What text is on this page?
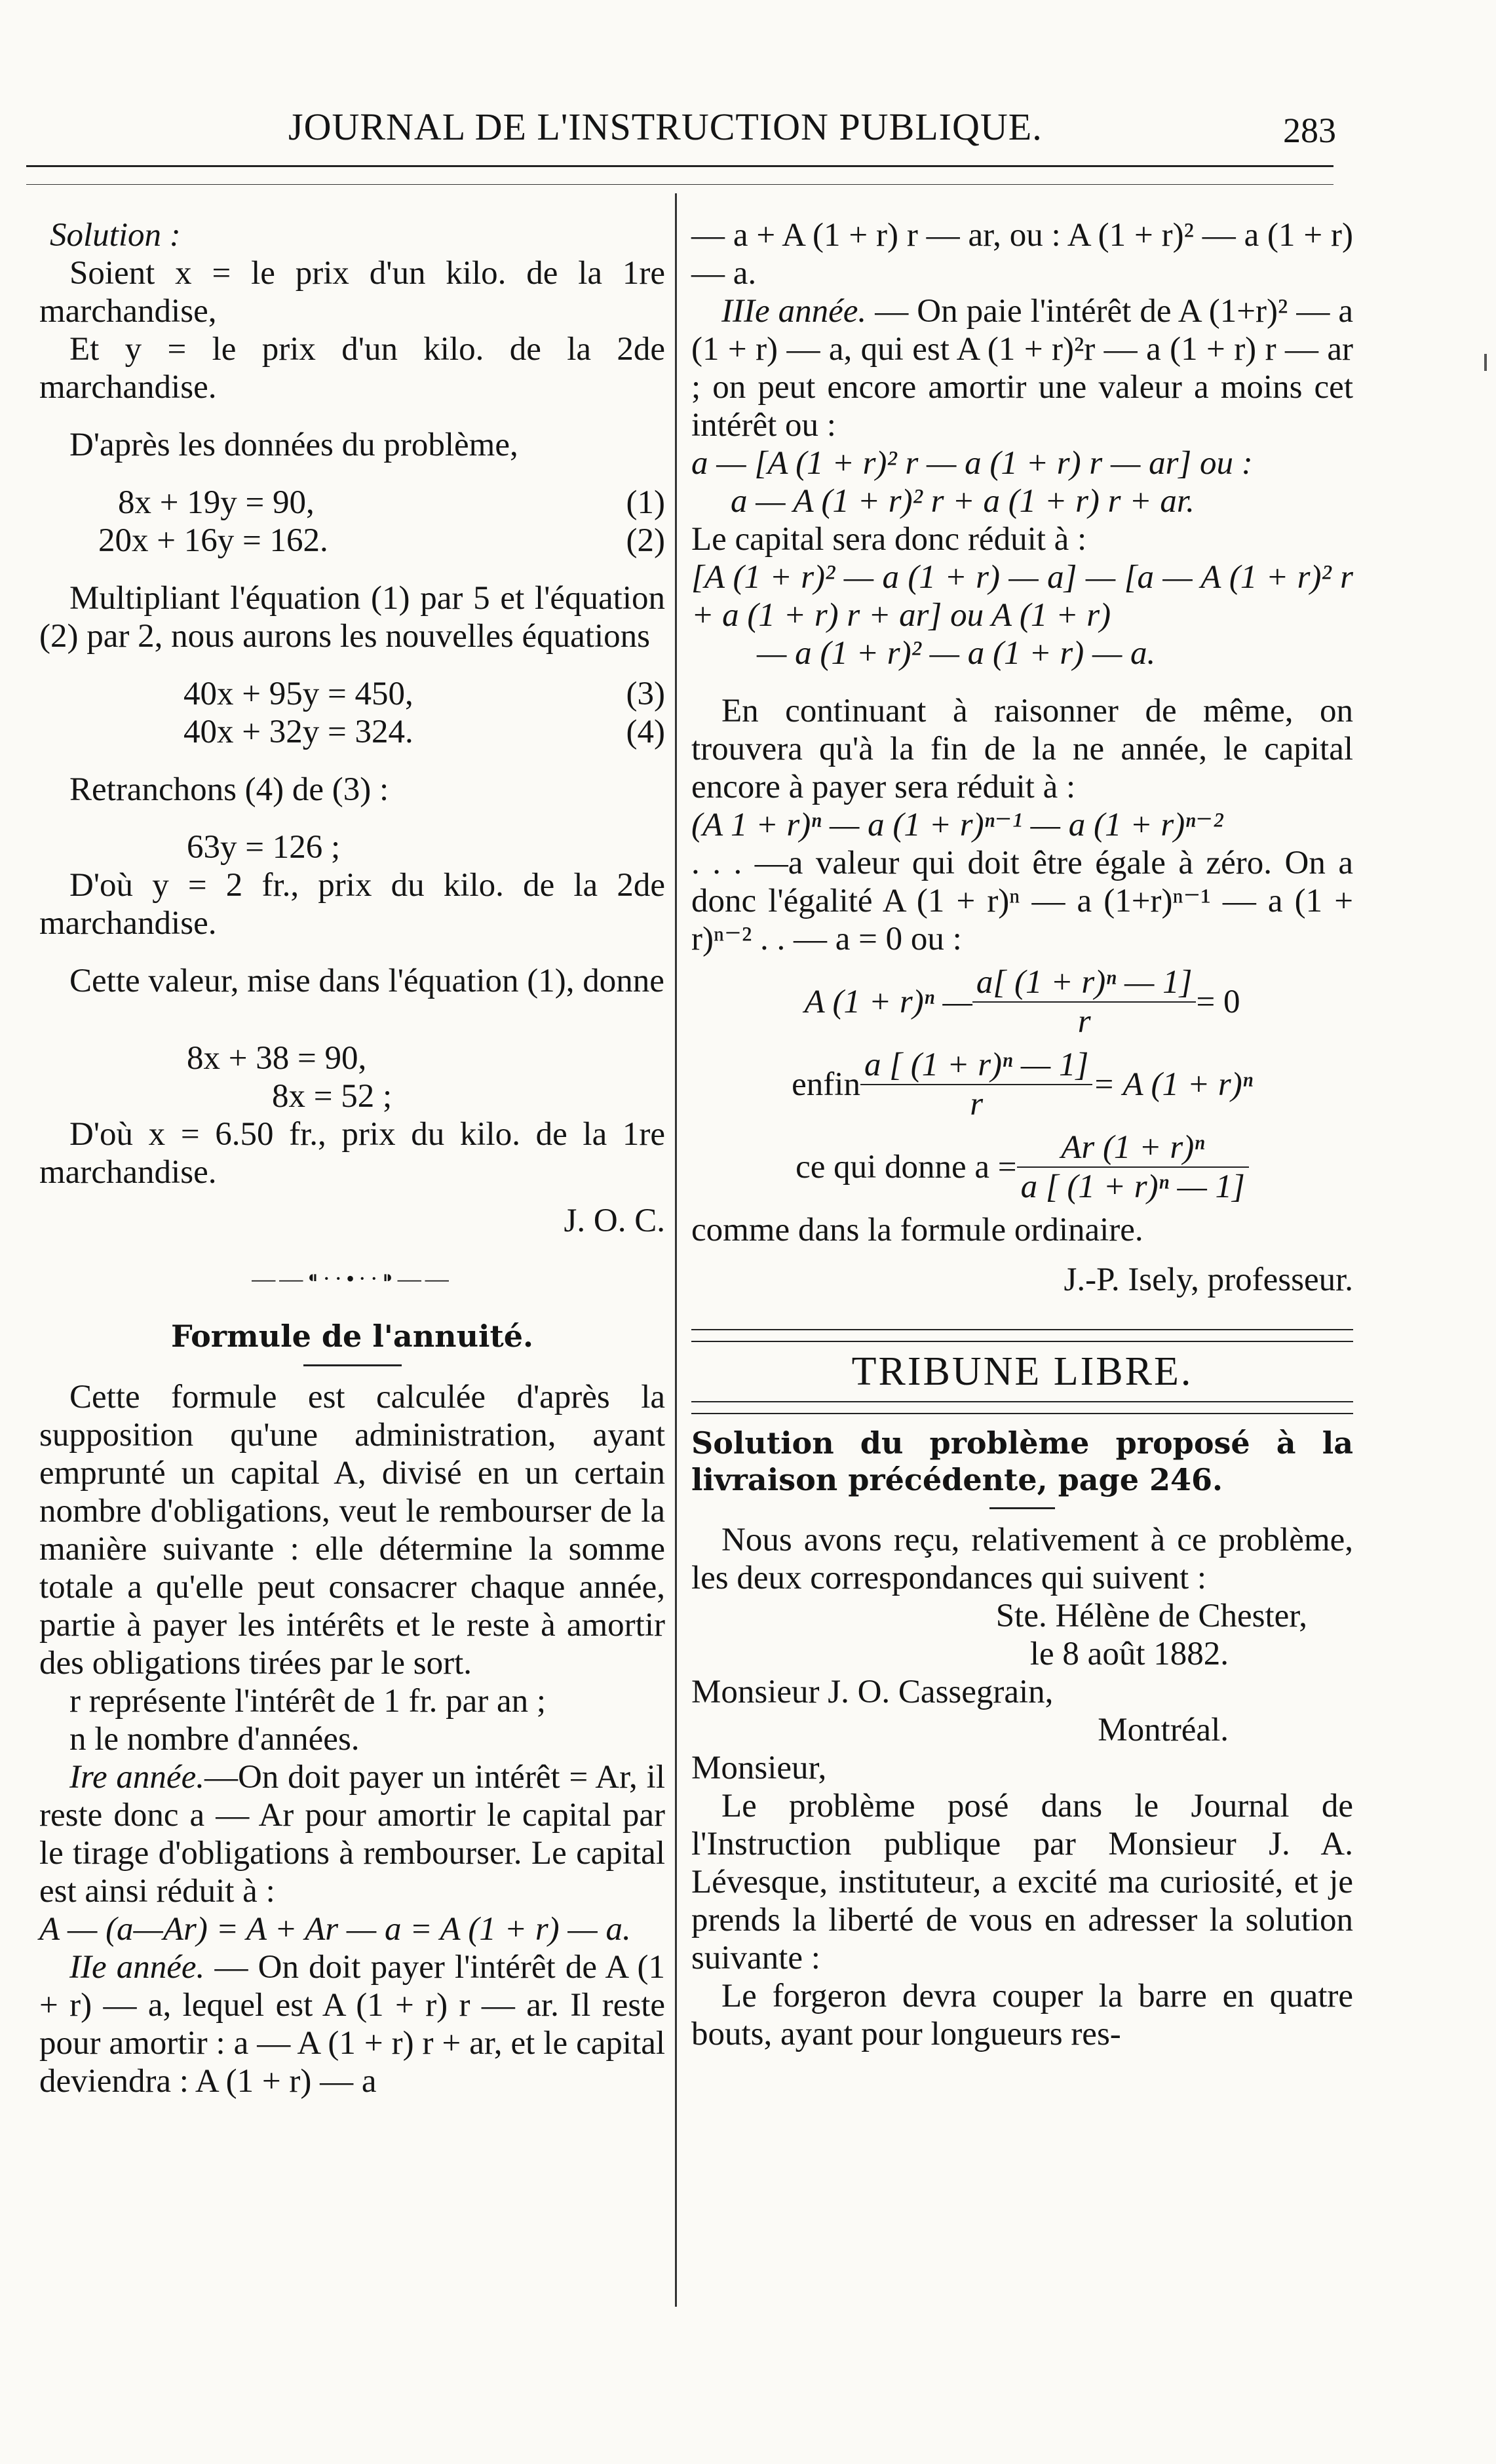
JOURNAL DE L'INSTRUCTION PUBLIQUE.	283

Solution :

Soient x = le prix d'un kilo. de la 1re marchandise,

Et y = le prix d'un kilo. de la 2de marchandise.

D'après les données du problème,

8x + 19y = 90,	(1)
20x + 16y = 162.	(2)

Multipliant l'équation (1) par 5 et l'équation (2) par 2, nous aurons les nouvelles équations

40x + 95y = 450,	(3)
40x + 32y = 324.	(4)

Retranchons (4) de (3) :

63y = 126 ;

D'où y = 2 fr., prix du kilo. de la 2de marchandise.

Cette valeur, mise dans l'équation (1), donne

8x + 38 = 90,

8x = 52 ;

D'où x = 6.50 fr., prix du kilo. de la 1re marchandise.

J. O. C.

——⁌··•··⁍——

Formule de l'annuité.

Cette formule est calculée d'après la supposition qu'une administration, ayant emprunté un capital A, divisé en un certain nombre d'obligations, veut le rembourser de la manière suivante : elle détermine la somme totale a qu'elle peut consacrer chaque année, partie à payer les intérêts et le reste à amortir des obligations tirées par le sort.

r représente l'intérêt de 1 fr. par an ;

n le nombre d'années.

Ire année.—On doit payer un intérêt = Ar, il reste donc a — Ar pour amortir le capital par le tirage d'obligations à rembourser. Le capital est ainsi réduit à :

A — (a—Ar) = A + Ar — a = A (1 + r) — a.

IIe année. — On doit payer l'intérêt de A (1 + r) — a, lequel est A (1 + r) r — ar. Il reste pour amortir : a — A (1 + r) r + ar, et le capital deviendra : A (1 + r) — a

— a + A (1 + r) r — ar, ou : A (1 + r)² — a (1 + r) — a.

IIIe année. — On paie l'intérêt de A (1+r)² — a (1 + r) — a, qui est A (1 + r)²r — a (1 + r) r — ar ; on peut encore amortir une valeur a moins cet intérêt ou :

a — [A (1 + r)² r — a (1 + r) r — ar] ou :

a — A (1 + r)² r + a (1 + r) r + ar.

Le capital sera donc réduit à :

[A (1 + r)² — a (1 + r) — a] — [a — A (1 + r)² r + a (1 + r) r + ar] ou A (1 + r)

— a (1 + r)² — a (1 + r) — a.

En continuant à raisonner de même, on trouvera qu'à la fin de la ne année, le capital encore à payer sera réduit à :

(A 1 + r)ⁿ — a (1 + r)ⁿ⁻¹ — a (1 + r)ⁿ⁻²

. . . —a valeur qui doit être égale à zéro. On a donc l'égalité A (1 + r)ⁿ — a (1+r)ⁿ⁻¹ — a (1 + r)ⁿ⁻² . . — a = 0 ou :

A (1 + r)ⁿ — $\frac{\text{a[ (1 + r)ⁿ — 1]}}{r} = 0$
enfin $\frac{\text{a [ (1 + r)ⁿ — 1]}}{r} = A$ (1 + r)ⁿ
ce qui donne $a = \frac{\text{Ar (1 + r)ⁿ}}{\text{a [ (1 + r)ⁿ — 1]}}$

comme dans la formule ordinaire.

J.-P. Isely, professeur.

TRIBUNE LIBRE.

Solution du problème proposé à la livraison précédente, page 246.

Nous avons reçu, relativement à ce problème, les deux correspondances qui suivent :

Ste. Hélène de Chester,

le 8 août 1882.

Monsieur J. O. Cassegrain,

Montréal.

Monsieur,

Le problème posé dans le Journal de l'Instruction publique par Monsieur J. A. Lévesque, instituteur, a excité ma curiosité, et je prends la liberté de vous en adresser la solution suivante :

Le forgeron devra couper la barre en quatre bouts, ayant pour longueurs res-
